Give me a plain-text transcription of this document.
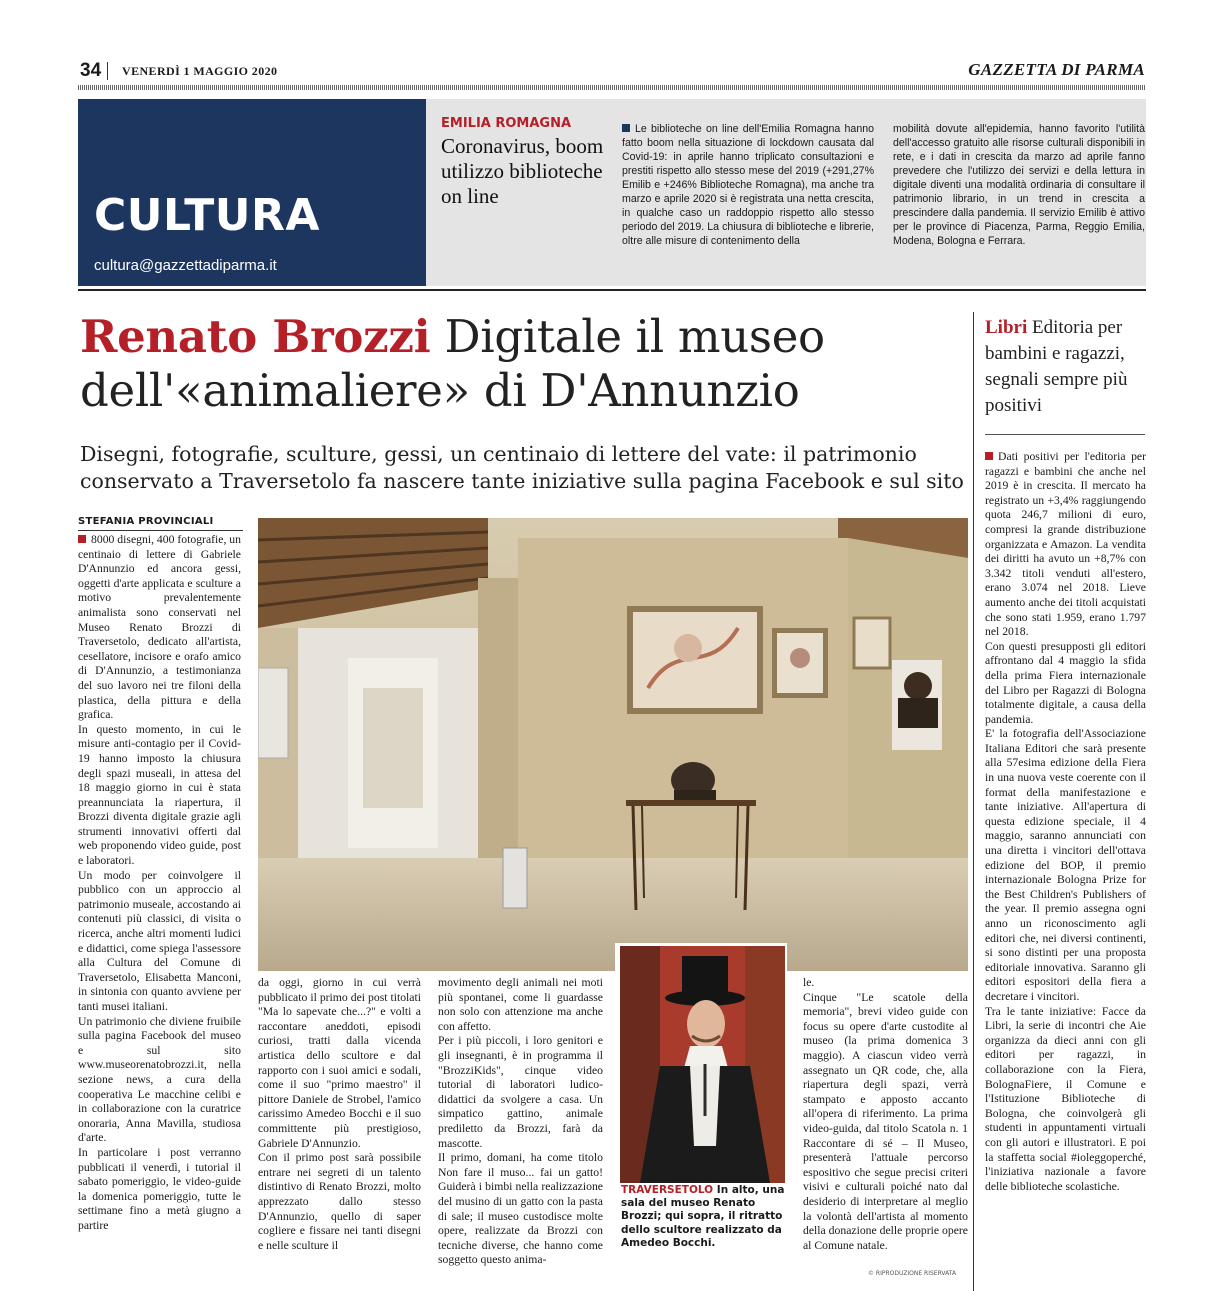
34 VENERDÌ 1 MAGGIO 2020	GAZZETTA DI PARMA
CULTURA
cultura@gazzettadiparma.it
EMILIA ROMAGNA
Coronavirus, boom utilizzo biblioteche on line
Le biblioteche on line dell'Emilia Romagna hanno fatto boom nella situazione di lockdown causata dal Covid-19: in aprile hanno triplicato consultazioni e prestiti rispetto allo stesso mese del 2019 (+291,27% Emilib e +246% Biblioteche Romagna), ma anche tra marzo e aprile 2020 si è registrata una netta crescita, in qualche caso un raddoppio rispetto allo stesso periodo del 2019. La chiusura di biblioteche e librerie, oltre alle misure di contenimento della
mobilità dovute all'epidemia, hanno favorito l'utilità dell'accesso gratuito alle risorse culturali disponibili in rete, e i dati in crescita da marzo ad aprile fanno prevedere che l'utilizzo dei servizi e della lettura in digitale diventi una modalità ordinaria di consultare il patrimonio librario, in un trend in crescita a prescindere dalla pandemia. Il servizio Emilib è attivo per le province di Piacenza, Parma, Reggio Emilia, Modena, Bologna e Ferrara.
Renato Brozzi Digitale il museo dell'«animaliere» di D'Annunzio
Disegni, fotografie, sculture, gessi, un centinaio di lettere del vate: il patrimonio conservato a Traversetolo fa nascere tante iniziative sulla pagina Facebook e sul sito
Libri Editoria per bambini e ragazzi, segnali sempre più positivi

Dati positivi per l'editoria per ragazzi e bambini che anche nel 2019 è in crescita. Il mercato ha registrato un +3,4% raggiungendo quota 246,7 milioni di euro, compresi la grande distribuzione organizzata e Amazon. La vendita dei diritti ha avuto un +8,7% con 3.342 titoli venduti all'estero, erano 3.074 nel 2018. Lieve aumento anche dei titoli acquistati che sono stati 1.959, erano 1.797 nel 2018.

Con questi presupposti gli editori affrontano dal 4 maggio la sfida della prima Fiera internazionale del Libro per Ragazzi di Bologna totalmente digitale, a causa della pandemia.

E' la fotografia dell'Associazione Italiana Editori che sarà presente alla 57esima edizione della Fiera in una nuova veste coerente con il format della manifestazione e tante iniziative. All'apertura di questa edizione speciale, il 4 maggio, saranno annunciati con una diretta i vincitori dell'ottava edizione del BOP, il premio internazionale Bologna Prize for the Best Children's Publishers of the year. Il premio assegna ogni anno un riconoscimento agli editori che, nei diversi continenti, si sono distinti per una proposta editoriale innovativa. Saranno gli editori espositori della fiera a decretare i vincitori.

Tra le tante iniziative: Facce da Libri, la serie di incontri che Aie organizza da dieci anni con gli editori per ragazzi, in collaborazione con la Fiera, BolognaFiere, il Comune e l'Istituzione Biblioteche di Bologna, che coinvolgerà gli studenti in appuntamenti virtuali con gli autori e illustratori. E poi la staffetta social #ioleggoperché, l'iniziativa nazionale a favore delle biblioteche scolastiche.

STEFANIA PROVINCIALI

8000 disegni, 400 fotografie, un centinaio di lettere di Gabriele D'Annunzio ed ancora gessi, oggetti d'arte applicata e sculture a motivo prevalentemente animalista sono conservati nel Museo Renato Brozzi di Traversetolo, dedicato all'artista, cesellatore, incisore e orafo amico di D'Annunzio, a testimonianza del suo lavoro nei tre filoni della plastica, della pittura e della grafica.

In questo momento, in cui le misure anti-contagio per il Covid-19 hanno imposto la chiusura degli spazi museali, in attesa del 18 maggio giorno in cui è stata preannunciata la riapertura, il Brozzi diventa digitale grazie agli strumenti innovativi offerti dal web proponendo video guide, post e laboratori.

Un modo per coinvolgere il pubblico con un approccio al patrimonio museale, accostando ai contenuti più classici, di visita o ricerca, anche altri momenti ludici e didattici, come spiega l'assessore alla Cultura del Comune di Traversetolo, Elisabetta Manconi, in sintonia con quanto avviene per tanti musei italiani.

Un patrimonio che diviene fruibile sulla pagina Facebook del museo e sul sito www.museorenatobrozzi.it, nella sezione news, a cura della cooperativa Le macchine celibi e in collaborazione con la curatrice onoraria, Anna Mavilla, studiosa d'arte.

In particolare i post verranno pubblicati il venerdì, i tutorial il sabato pomeriggio, le video-guide la domenica pomeriggio, tutte le settimane fino a metà giugno a partire

da oggi, giorno in cui verrà pubblicato il primo dei post titolati "Ma lo sapevate che...?" e volti a raccontare aneddoti, episodi curiosi, tratti dalla vicenda artistica dello scultore e dal rapporto con i suoi amici e sodali, come il suo "primo maestro" il pittore Daniele de Strobel, l'amico carissimo Amedeo Bocchi e il suo committente più prestigioso, Gabriele D'Annunzio.

Con il primo post sarà possibile entrare nei segreti di un talento distintivo di Renato Brozzi, molto apprezzato dallo stesso D'Annunzio, quello di saper cogliere e fissare nei tanti disegni e nelle sculture il

movimento degli animali nei moti più spontanei, come li guardasse non solo con attenzione ma anche con affetto.

Per i più piccoli, i loro genitori e gli insegnanti, è in programma il "BrozziKids", cinque video tutorial di laboratori ludico-didattici da svolgere a casa. Un simpatico gattino, animale prediletto da Brozzi, farà da mascotte.

Il primo, domani, ha come titolo Non fare il muso... fai un gatto! Guiderà i bimbi nella realizzazione del musino di un gatto con la pasta di sale; il museo custodisce molte opere, realizzate da Brozzi con tecniche diverse, che hanno come soggetto questo anima-

le.

Cinque "Le scatole della memoria", brevi video guide con focus su opere d'arte custodite al museo (la prima domenica 3 maggio). A ciascun video verrà assegnato un QR code, che, alla riapertura degli spazi, verrà stampato e apposto accanto all'opera di riferimento. La prima video-guida, dal titolo Scatola n. 1 Raccontare di sé – Il Museo, presenterà l'attuale percorso espositivo che segue precisi criteri visivi e culturali poiché nato dal desiderio di interpretare al meglio la volontà dell'artista al momento della donazione delle proprie opere al Comune natale.

© RIPRODUZIONE RISERVATA
TRAVERSETOLO In alto, una sala del museo Renato Brozzi; qui sopra, il ritratto dello scultore realizzato da Amedeo Bocchi.
